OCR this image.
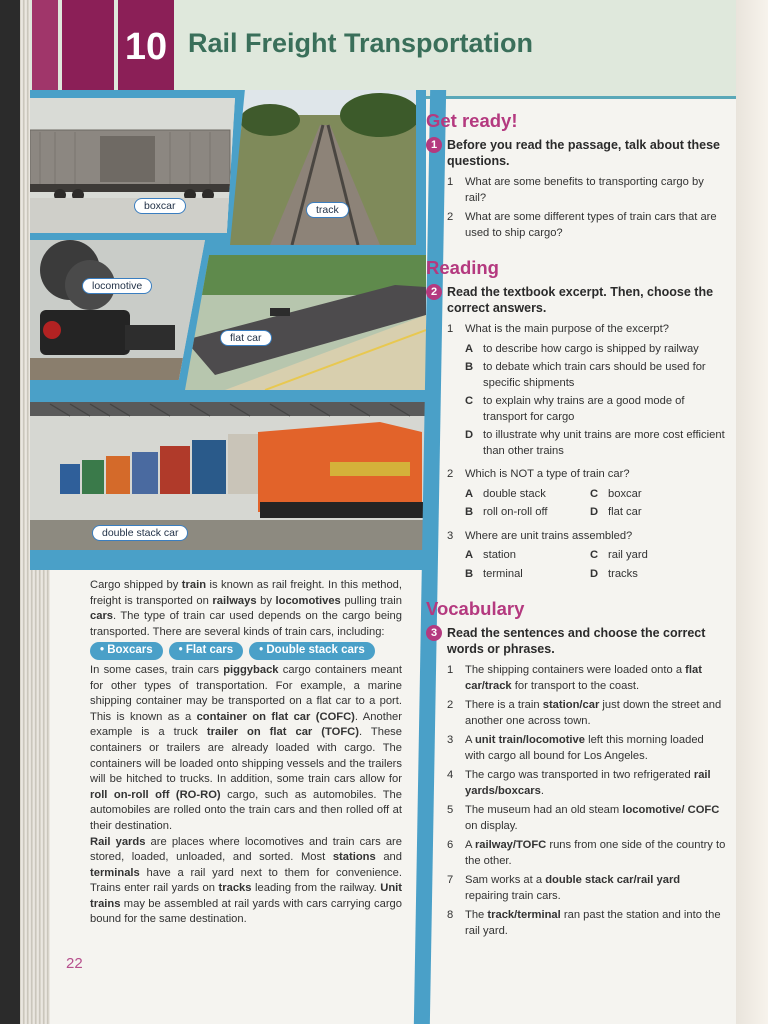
10 Rail Freight Transportation
boxcar	track
locomotive
flat car
double stack car

Cargo shipped by train is known as rail freight. In this method, freight is transported on railways by locomotives pulling train cars. The type of train car used depends on the cargo being transported. There are several kinds of train cars, including:

• Boxcars	• Flat cars	• Double stack cars

In some cases, train cars piggyback cargo containers meant for other types of transportation. For example, a marine shipping container may be transported on a flat car to a port. This is known as a container on flat car (COFC). Another example is a truck trailer on flat car (TOFC). These containers or trailers are already loaded with cargo. The containers will be loaded onto shipping vessels and the trailers will be hitched to trucks. In addition, some train cars allow for roll on-roll off (RO-RO) cargo, such as automobiles. The automobiles are rolled onto the train cars and then rolled off at their destination.

Rail yards are places where locomotives and train cars are stored, loaded, unloaded, and sorted. Most stations and terminals have a rail yard next to them for convenience. Trains enter rail yards on tracks leading from the railway. Unit trains may be assembled at rail yards with cars carrying cargo bound for the same destination.

22
Get ready!
1 Before you read the passage, talk about these questions.
1	What are some benefits to transporting cargo by rail?
2	What are some different types of train cars that are used to ship cargo?
Reading
2 Read the textbook excerpt. Then, choose the correct answers.
1	What is the main purpose of the excerpt?
A to describe how cargo is shipped by railway
B to debate which train cars should be used for specific shipments
C to explain why trains are a good mode of transport for cargo
D to illustrate why unit trains are more cost efficient than other trains
2	Which is NOT a type of train car?
A double stack	C boxcar
B roll on-roll off	D flat car
3	Where are unit trains assembled?
A station	C rail yard
B terminal	D tracks
Vocabulary
3 Read the sentences and choose the correct words or phrases.
1	The shipping containers were loaded onto a flat car/track for transport to the coast.
2	There is a train station/car just down the street and another one across town.
3	A unit train/locomotive left this morning loaded with cargo all bound for Los Angeles.
4	The cargo was transported in two refrigerated rail yards/boxcars.
5	The museum had an old steam locomotive/ COFC on display.
6	A railway/TOFC runs from one side of the country to the other.
7	Sam works at a double stack car/rail yard repairing train cars.
8	The track/terminal ran past the station and into the rail yard.
